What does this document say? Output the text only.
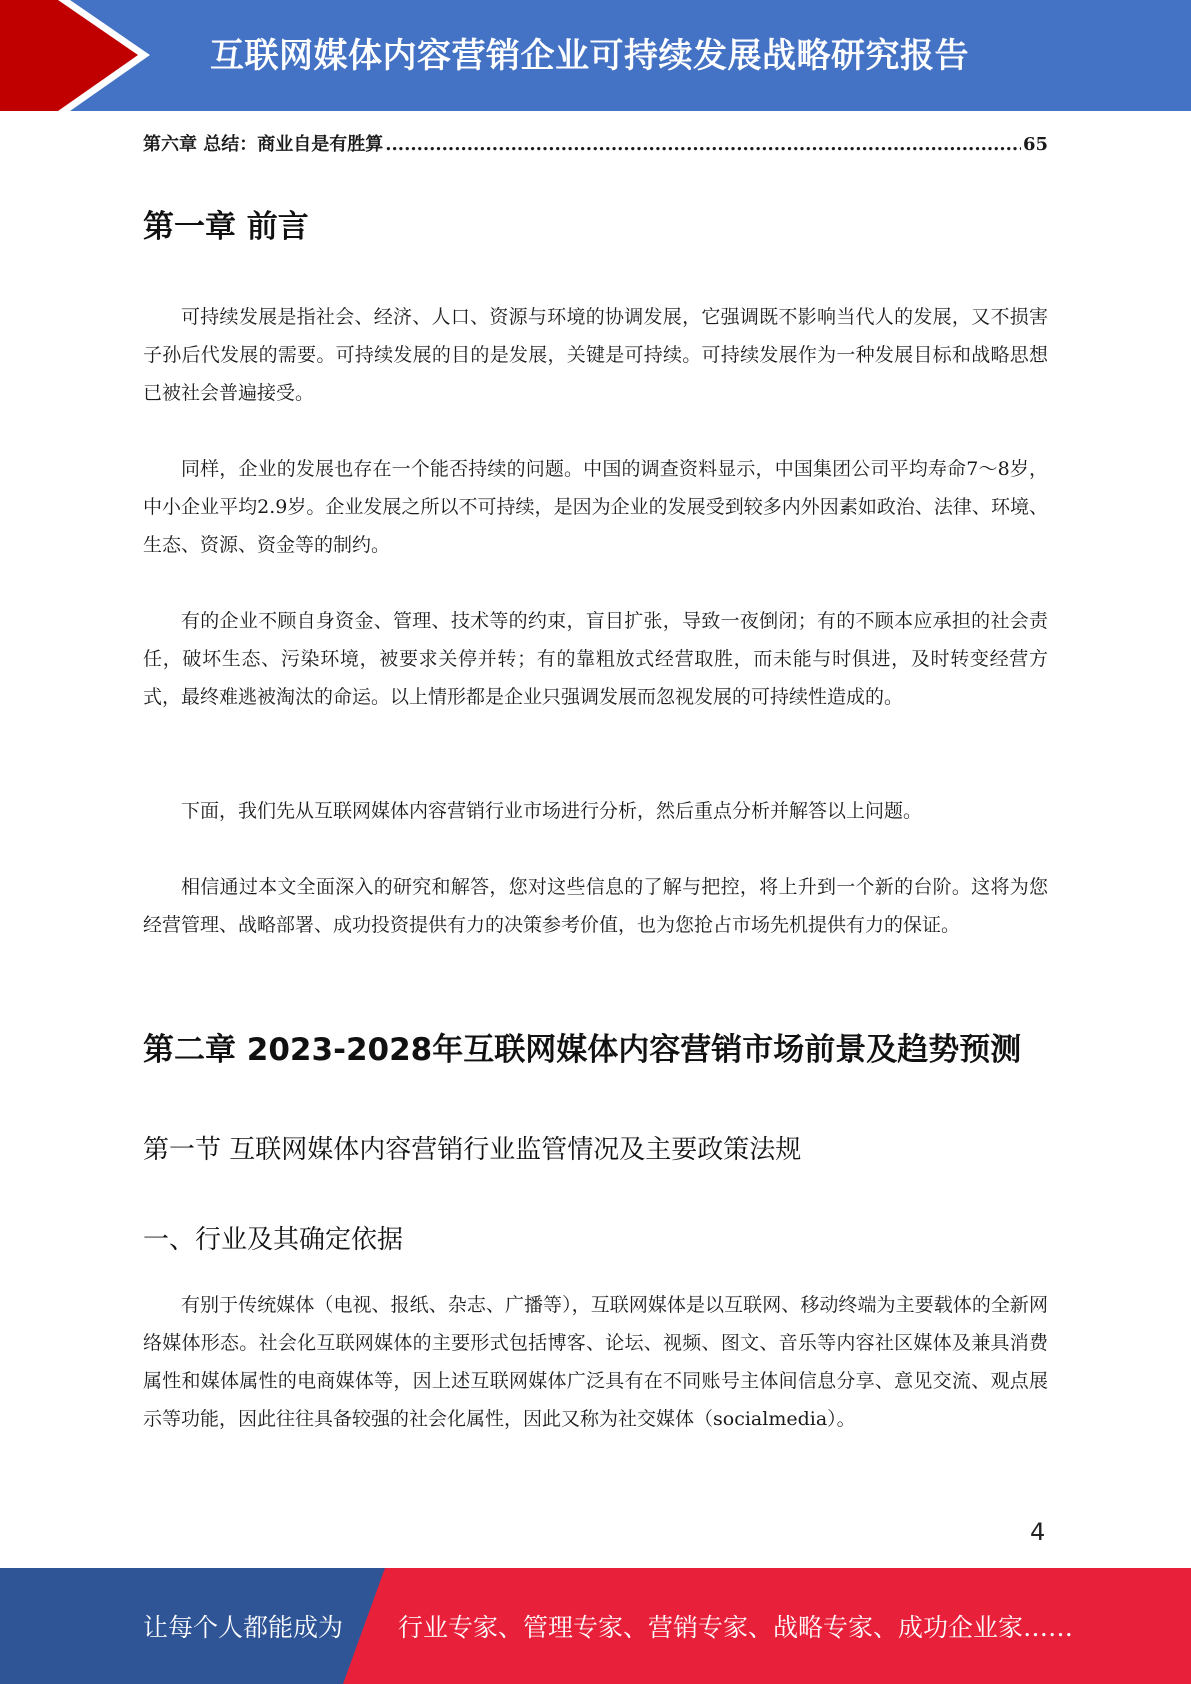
互联网媒体内容营销企业可持续发展战略研究报告
第六章 总结：商业自是有胜算
.....	65
第一章 前言

可持续发展是指社会、经济、人口、资源与环境的协调发展，它强调既不影响当代人的发展，又不损害子孙后代发展的需要。可持续发展的目的是发展，关键是可持续。可持续发展作为一种发展目标和战略思想已被社会普遍接受。

同样，企业的发展也存在一个能否持续的问题。中国的调查资料显示，中国集团公司平均寿命7～8岁，中小企业平均2.9岁。企业发展之所以不可持续，是因为企业的发展受到较多内外因素如政治、法律、环境、生态、资源、资金等的制约。

有的企业不顾自身资金、管理、技术等的约束，盲目扩张，导致一夜倒闭；有的不顾本应承担的社会责任，破坏生态、污染环境，被要求关停并转；有的靠粗放式经营取胜，而未能与时俱进，及时转变经营方式，最终难逃被淘汰的命运。以上情形都是企业只强调发展而忽视发展的可持续性造成的。

下面，我们先从互联网媒体内容营销行业市场进行分析，然后重点分析并解答以上问题。

相信通过本文全面深入的研究和解答，您对这些信息的了解与把控，将上升到一个新的台阶。这将为您经营管理、战略部署、成功投资提供有力的决策参考价值，也为您抢占市场先机提供有力的保证。

第二章 2023-2028年互联网媒体内容营销市场前景及趋势预测
第一节 互联网媒体内容营销行业监管情况及主要政策法规
一、行业及其确定依据

有别于传统媒体（电视、报纸、杂志、广播等），互联网媒体是以互联网、移动终端为主要载体的全新网络媒体形态。社会化互联网媒体的主要形式包括博客、论坛、视频、图文、音乐等内容社区媒体及兼具消费属性和媒体属性的电商媒体等，因上述互联网媒体广泛具有在不同账号主体间信息分享、意见交流、观点展示等功能，因此往往具备较强的社会化属性，因此又称为社交媒体（socialmedia）。

4
让每个人都能成为 行业专家、管理专家、营销专家、战略专家、成功企业家……
